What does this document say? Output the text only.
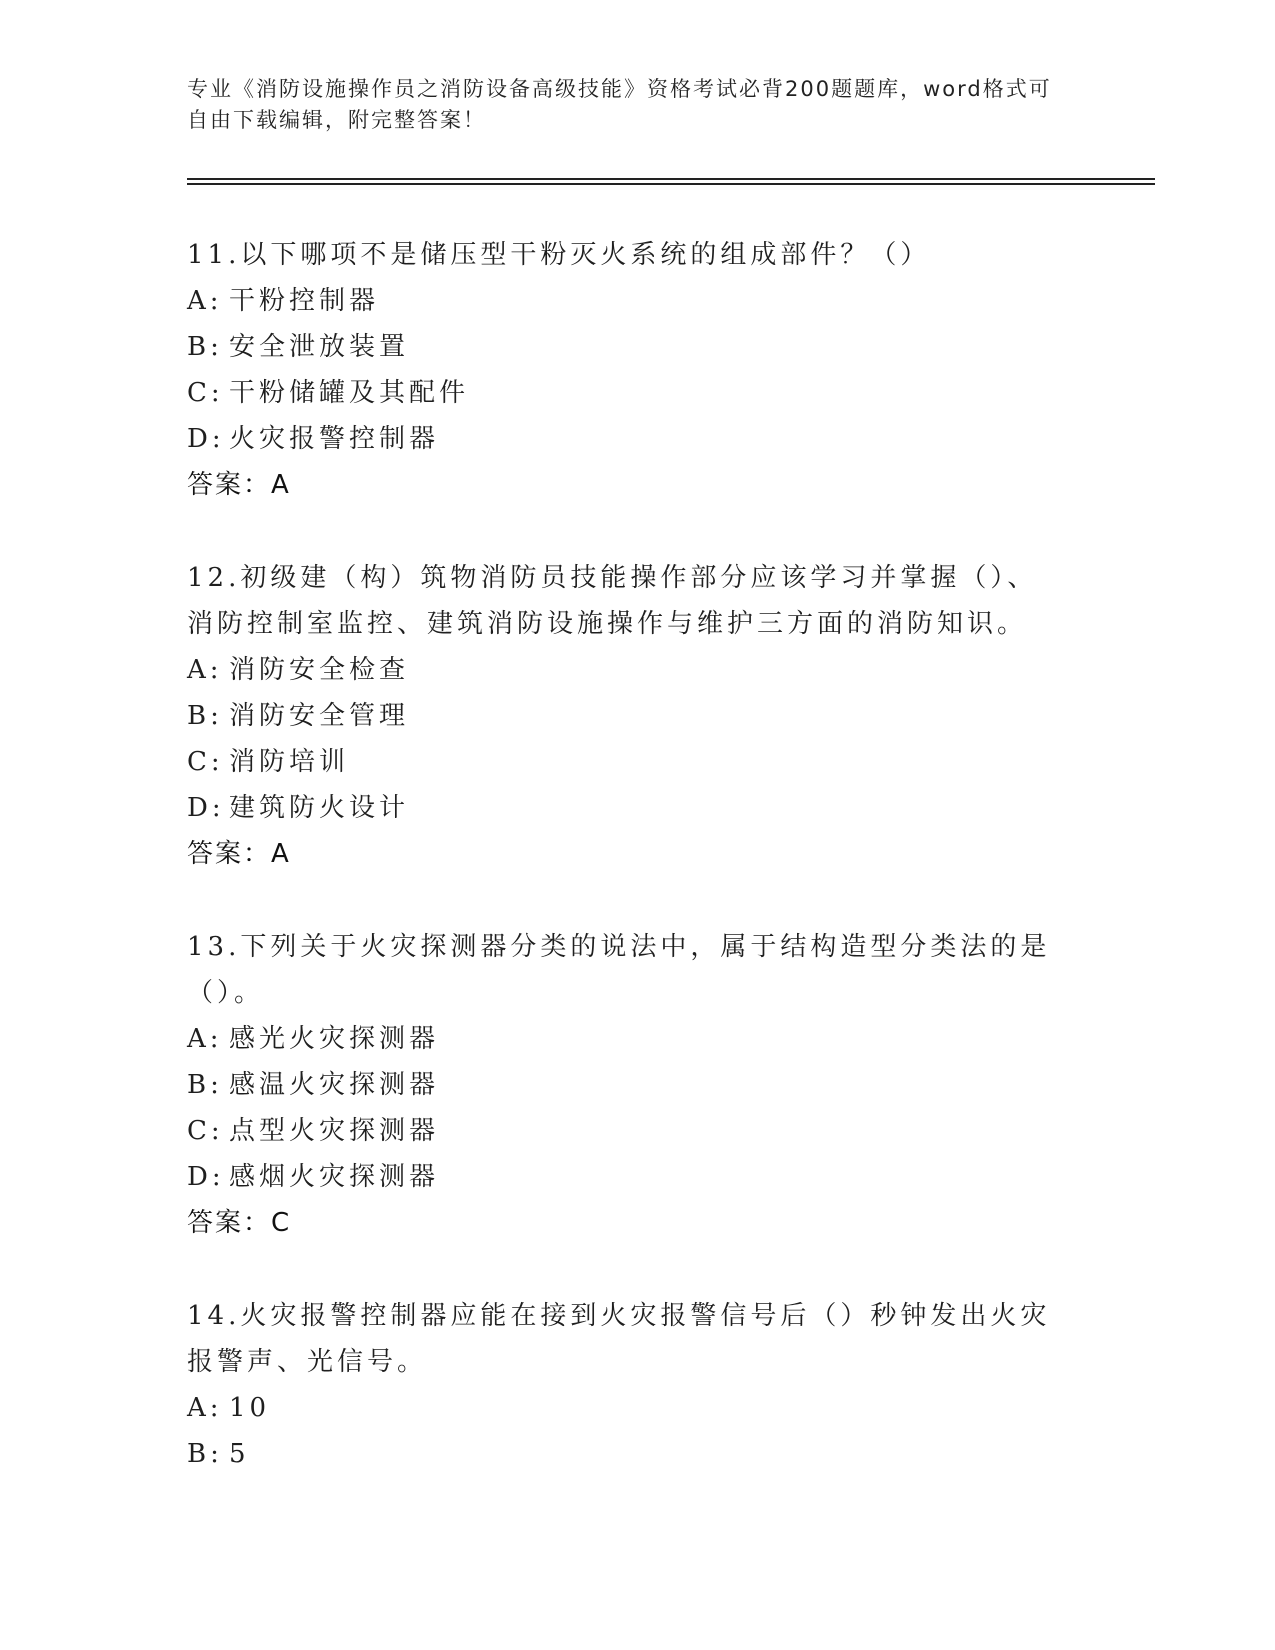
专业《消防设施操作员之消防设备高级技能》资格考试必背200题题库，word格式可自由下载编辑，附完整答案！
11.以下哪项不是储压型干粉灭火系统的组成部件？（）
A: 干粉控制器
B: 安全泄放装置
C: 干粉储罐及其配件
D: 火灾报警控制器
答案：A
12.初级建（构）筑物消防员技能操作部分应该学习并掌握（）、消防控制室监控、建筑消防设施操作与维护三方面的消防知识。
A: 消防安全检查
B: 消防安全管理
C: 消防培训
D: 建筑防火设计
答案：A
13.下列关于火灾探测器分类的说法中，属于结构造型分类法的是（）。
A: 感光火灾探测器
B: 感温火灾探测器
C: 点型火灾探测器
D: 感烟火灾探测器
答案：C
14.火灾报警控制器应能在接到火灾报警信号后（）秒钟发出火灾报警声、光信号。
A: 10
B: 5
